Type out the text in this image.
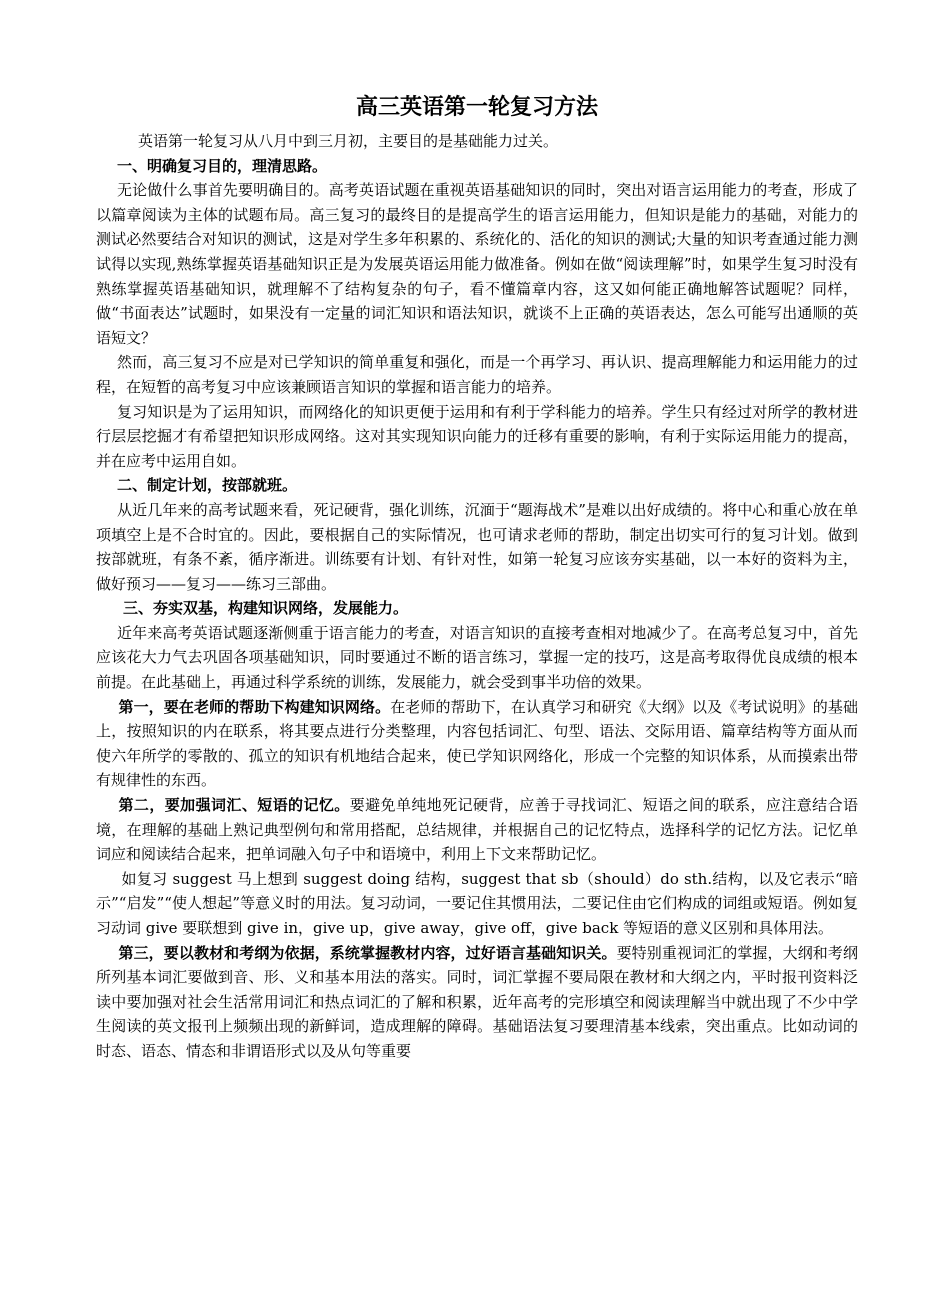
高三英语第一轮复习方法

英语第一轮复习从八月中到三月初，主要目的是基础能力过关。

一、明确复习目的，理清思路。

无论做什么事首先要明确目的。高考英语试题在重视英语基础知识的同时，突出对语言运用能力的考查，形成了以篇章阅读为主体的试题布局。高三复习的最终目的是提高学生的语言运用能力，但知识是能力的基础，对能力的测试必然要结合对知识的测试，这是对学生多年积累的、系统化的、活化的知识的测试;大量的知识考查通过能力测试得以实现,熟练掌握英语基础知识正是为发展英语运用能力做准备。例如在做“阅读理解”时，如果学生复习时没有熟练掌握英语基础知识，就理解不了结构复杂的句子，看不懂篇章内容，这又如何能正确地解答试题呢？同样，做“书面表达”试题时，如果没有一定量的词汇知识和语法知识，就谈不上正确的英语表达，怎么可能写出通顺的英语短文？

然而，高三复习不应是对已学知识的简单重复和强化，而是一个再学习、再认识、提高理解能力和运用能力的过程，在短暂的高考复习中应该兼顾语言知识的掌握和语言能力的培养。

复习知识是为了运用知识，而网络化的知识更便于运用和有利于学科能力的培养。学生只有经过对所学的教材进行层层挖掘才有希望把知识形成网络。这对其实现知识向能力的迁移有重要的影响，有利于实际运用能力的提高，并在应考中运用自如。

二、制定计划，按部就班。

从近几年来的高考试题来看，死记硬背，强化训练，沉湎于“题海战术”是难以出好成绩的。将中心和重心放在单项填空上是不合时宜的。因此，要根据自己的实际情况，也可请求老师的帮助，制定出切实可行的复习计划。做到按部就班，有条不紊，循序渐进。训练要有计划、有针对性，如第一轮复习应该夯实基础，以一本好的资料为主，做好预习——复习——练习三部曲。

三、夯实双基，构建知识网络，发展能力。

近年来高考英语试题逐渐侧重于语言能力的考查，对语言知识的直接考查相对地减少了。在高考总复习中，首先应该花大力气去巩固各项基础知识，同时要通过不断的语言练习，掌握一定的技巧，这是高考取得优良成绩的根本前提。在此基础上，再通过科学系统的训练，发展能力，就会受到事半功倍的效果。

第一，要在老师的帮助下构建知识网络。在老师的帮助下，在认真学习和研究《大纲》以及《考试说明》的基础上，按照知识的内在联系，将其要点进行分类整理，内容包括词汇、句型、语法、交际用语、篇章结构等方面从而使六年所学的零散的、孤立的知识有机地结合起来，使已学知识网络化，形成一个完整的知识体系，从而摸索出带有规律性的东西。

第二，要加强词汇、短语的记忆。要避免单纯地死记硬背，应善于寻找词汇、短语之间的联系，应注意结合语境，在理解的基础上熟记典型例句和常用搭配，总结规律，并根据自己的记忆特点，选择科学的记忆方法。记忆单词应和阅读结合起来，把单词融入句子中和语境中，利用上下文来帮助记忆。

如复习 suggest 马上想到 suggest doing 结构，suggest that sb（should）do sth.结构，以及它表示“暗示”“启发”“使人想起”等意义时的用法。复习动词，一要记住其惯用法，二要记住由它们构成的词组或短语。例如复习动词 give 要联想到 give in，give up，give away，give off，give back 等短语的意义区别和具体用法。

第三，要以教材和考纲为依据，系统掌握教材内容，过好语言基础知识关。要特别重视词汇的掌握，大纲和考纲所列基本词汇要做到音、形、义和基本用法的落实。同时，词汇掌握不要局限在教材和大纲之内，平时报刊资料泛读中要加强对社会生活常用词汇和热点词汇的了解和积累，近年高考的完形填空和阅读理解当中就出现了不少中学生阅读的英文报刊上频频出现的新鲜词，造成理解的障碍。基础语法复习要理清基本线索，突出重点。比如动词的时态、语态、情态和非谓语形式以及从句等重要
